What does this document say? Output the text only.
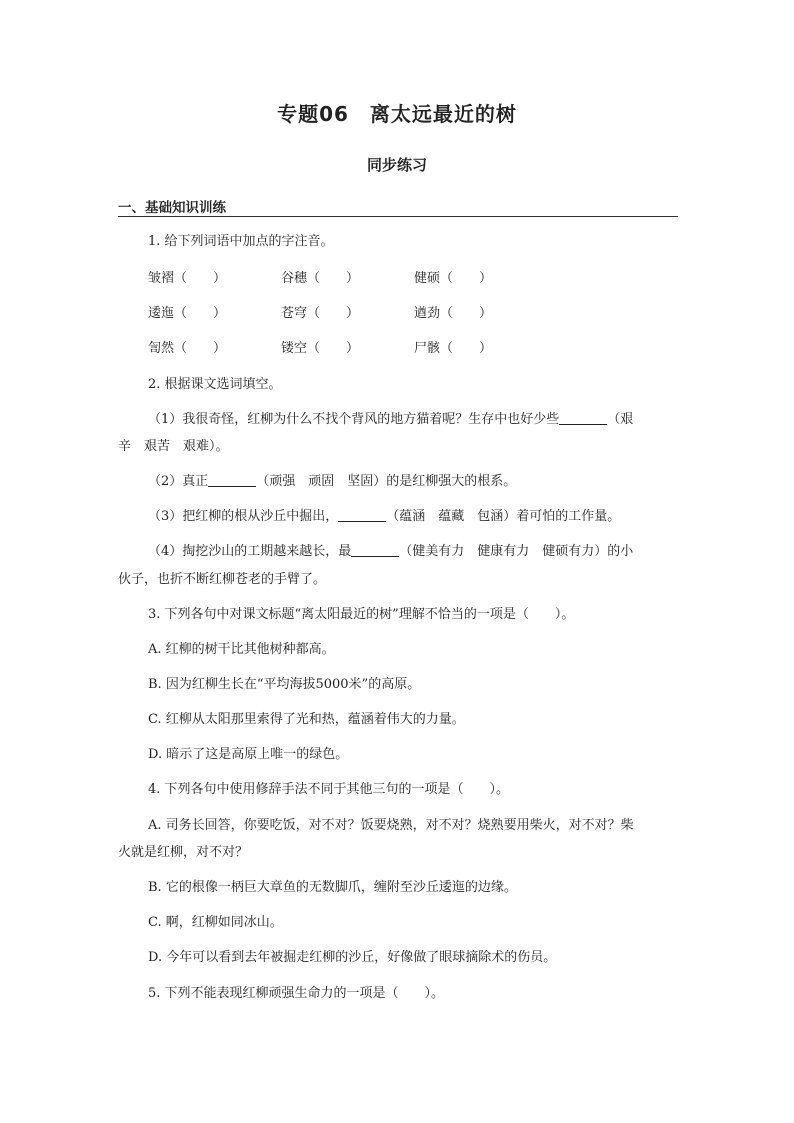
专题06　离太远最近的树
同步练习
一、基础知识训练
1. 给下列词语中加点的字注音。
皱褶（　　）	谷穗（　　）	健硕（　　）
逶迤（　　）	苍穹（　　）	遒劲（　　）
訇然（　　）	镂空（　　）	尸骸（　　）
2. 根据课文选词填空。
（1）我很奇怪，红柳为什么不找个背风的地方猫着呢？生存中也好少些	（艰
辛　艰苦　艰难）。
（2）真正	（顽强　顽固　坚固）的是红柳强大的根系。
（3）把红柳的根从沙丘中掘出，	（蕴涵　蕴藏　包涵）着可怕的工作量。
（4）掏挖沙山的工期越来越长，最	（健美有力　健康有力　健硕有力）的小
伙子，也折不断红柳苍老的手臂了。
3. 下列各句中对课文标题“离太阳最近的树”理解不恰当的一项是（　　）。
A. 红柳的树干比其他树种都高。
B. 因为红柳生长在“平均海拔5000米”的高原。
C. 红柳从太阳那里索得了光和热，蕴涵着伟大的力量。
D. 暗示了这是高原上唯一的绿色。
4. 下列各句中使用修辞手法不同于其他三句的一项是（　　）。
A. 司务长回答，你要吃饭，对不对？饭要烧熟，对不对？烧熟要用柴火，对不对？柴
火就是红柳，对不对？
B. 它的根像一柄巨大章鱼的无数脚爪，缠附至沙丘逶迤的边缘。
C. 啊，红柳如同冰山。
D. 今年可以看到去年被掘走红柳的沙丘，好像做了眼球摘除术的伤员。
5. 下列不能表现红柳顽强生命力的一项是（　　）。
